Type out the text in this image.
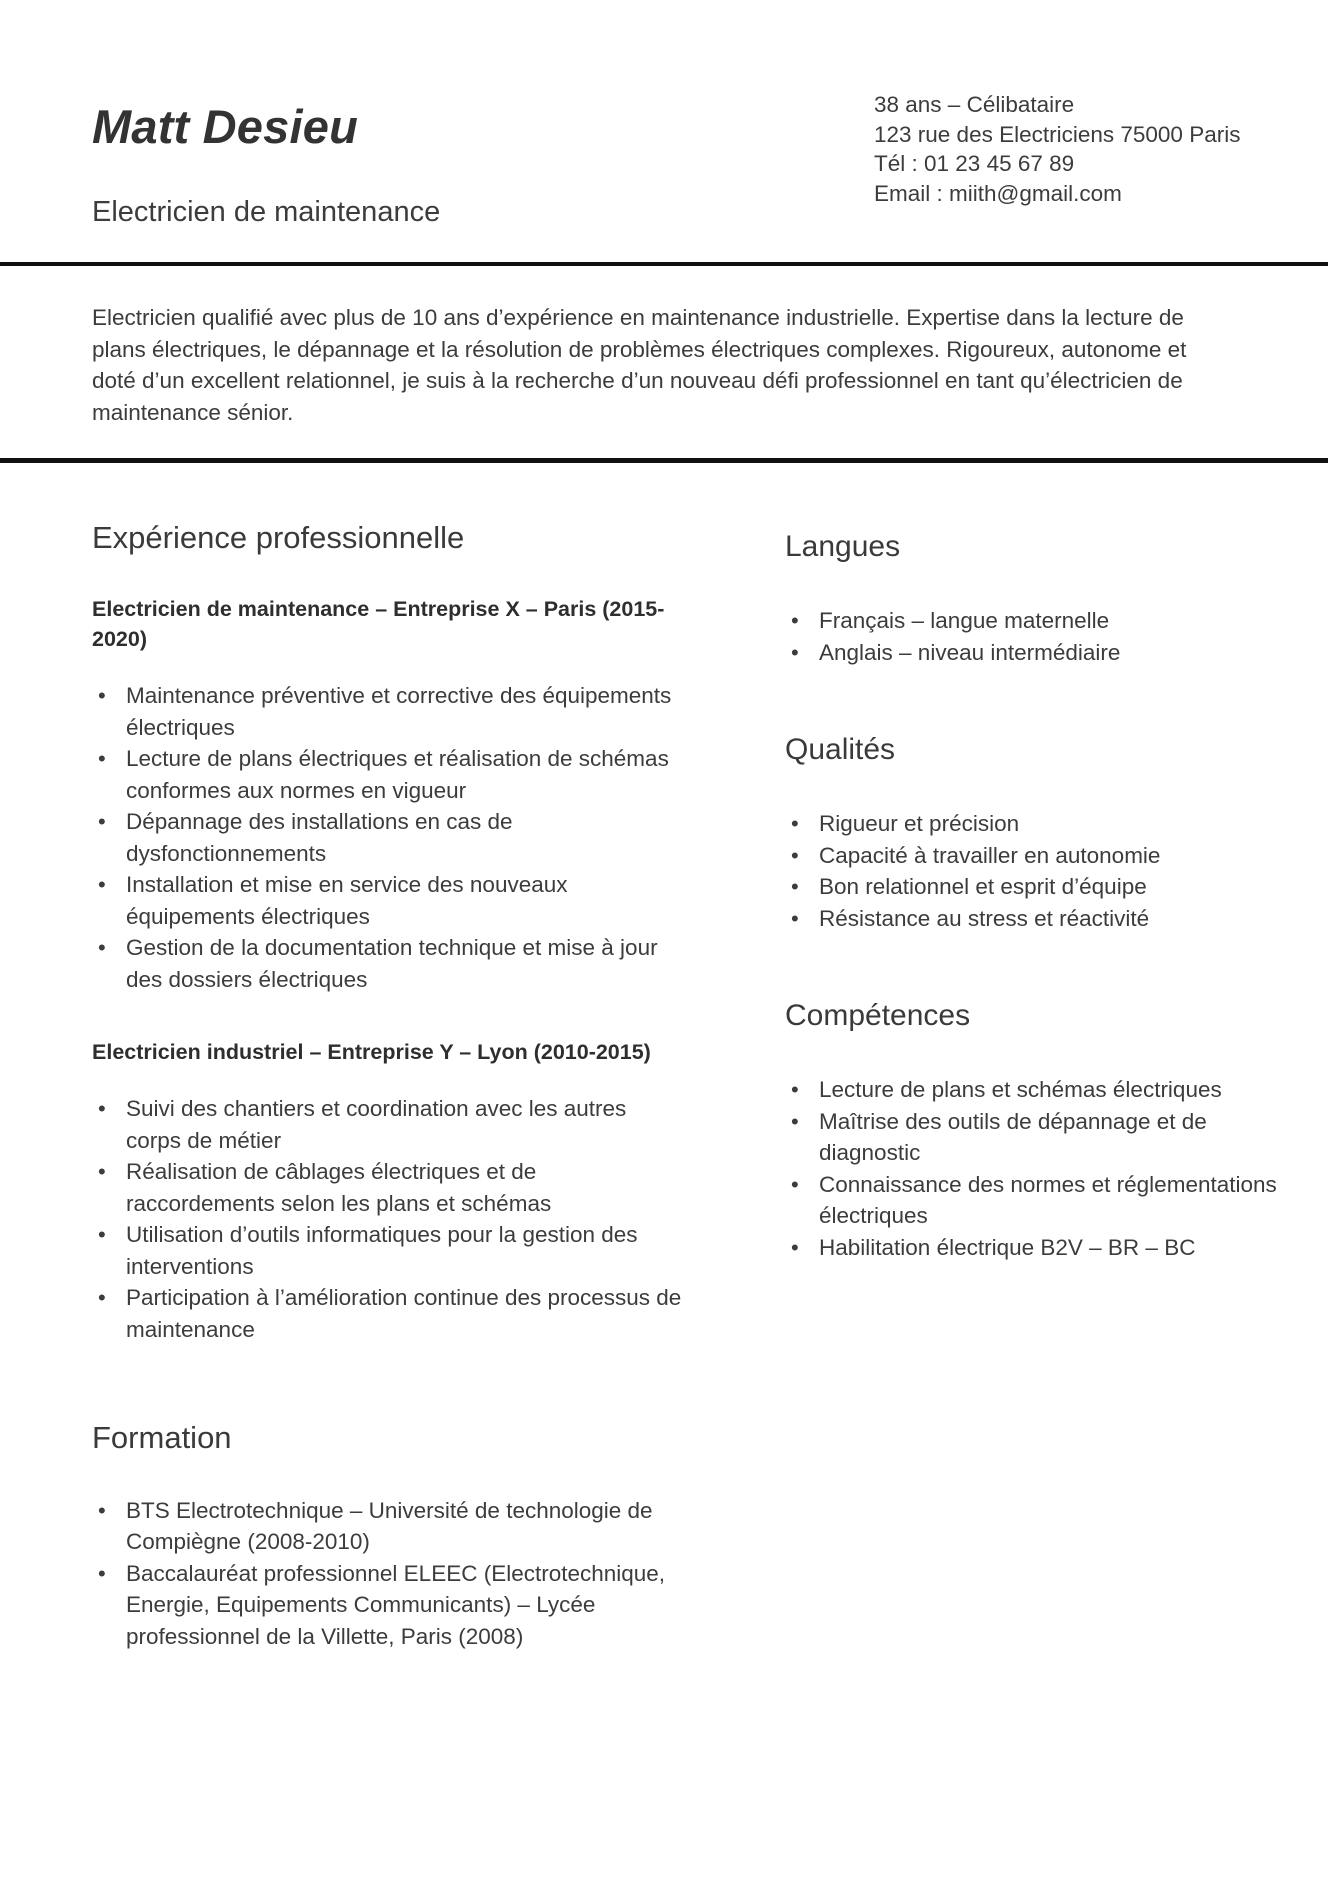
Matt Desieu
Electricien de maintenance
38 ans – Célibataire
123 rue des Electriciens 75000 Paris
Tél : 01 23 45 67 89
Email : miith@gmail.com

Electricien qualifié avec plus de 10 ans d’expérience en maintenance industrielle. Expertise dans la lecture de plans électriques, le dépannage et la résolution de problèmes électriques complexes. Rigoureux, autonome et doté d’un excellent relationnel, je suis à la recherche d’un nouveau défi professionnel en tant qu’électricien de maintenance sénior.

Expérience professionnelle
Electricien de maintenance – Entreprise X – Paris (2015-2020)
• Maintenance préventive et corrective des équipements électriques
• Lecture de plans électriques et réalisation de schémas conformes aux normes en vigueur
• Dépannage des installations en cas de dysfonctionnements
• Installation et mise en service des nouveaux équipements électriques
• Gestion de la documentation technique et mise à jour des dossiers électriques
Electricien industriel – Entreprise Y – Lyon (2010-2015)
• Suivi des chantiers et coordination avec les autres corps de métier
• Réalisation de câblages électriques et de raccordements selon les plans et schémas
• Utilisation d’outils informatiques pour la gestion des interventions
• Participation à l’amélioration continue des processus de maintenance
Formation
• BTS Electrotechnique – Université de technologie de Compiègne (2008-2010)
• Baccalauréat professionnel ELEEC (Electrotechnique, Energie, Equipements Communicants) – Lycée professionnel de la Villette, Paris (2008)
Langues
• Français – langue maternelle
• Anglais – niveau intermédiaire
Qualités
• Rigueur et précision
• Capacité à travailler en autonomie
• Bon relationnel et esprit d’équipe
• Résistance au stress et réactivité
Compétences
• Lecture de plans et schémas électriques
• Maîtrise des outils de dépannage et de diagnostic
• Connaissance des normes et réglementations électriques
• Habilitation électrique B2V – BR – BC
